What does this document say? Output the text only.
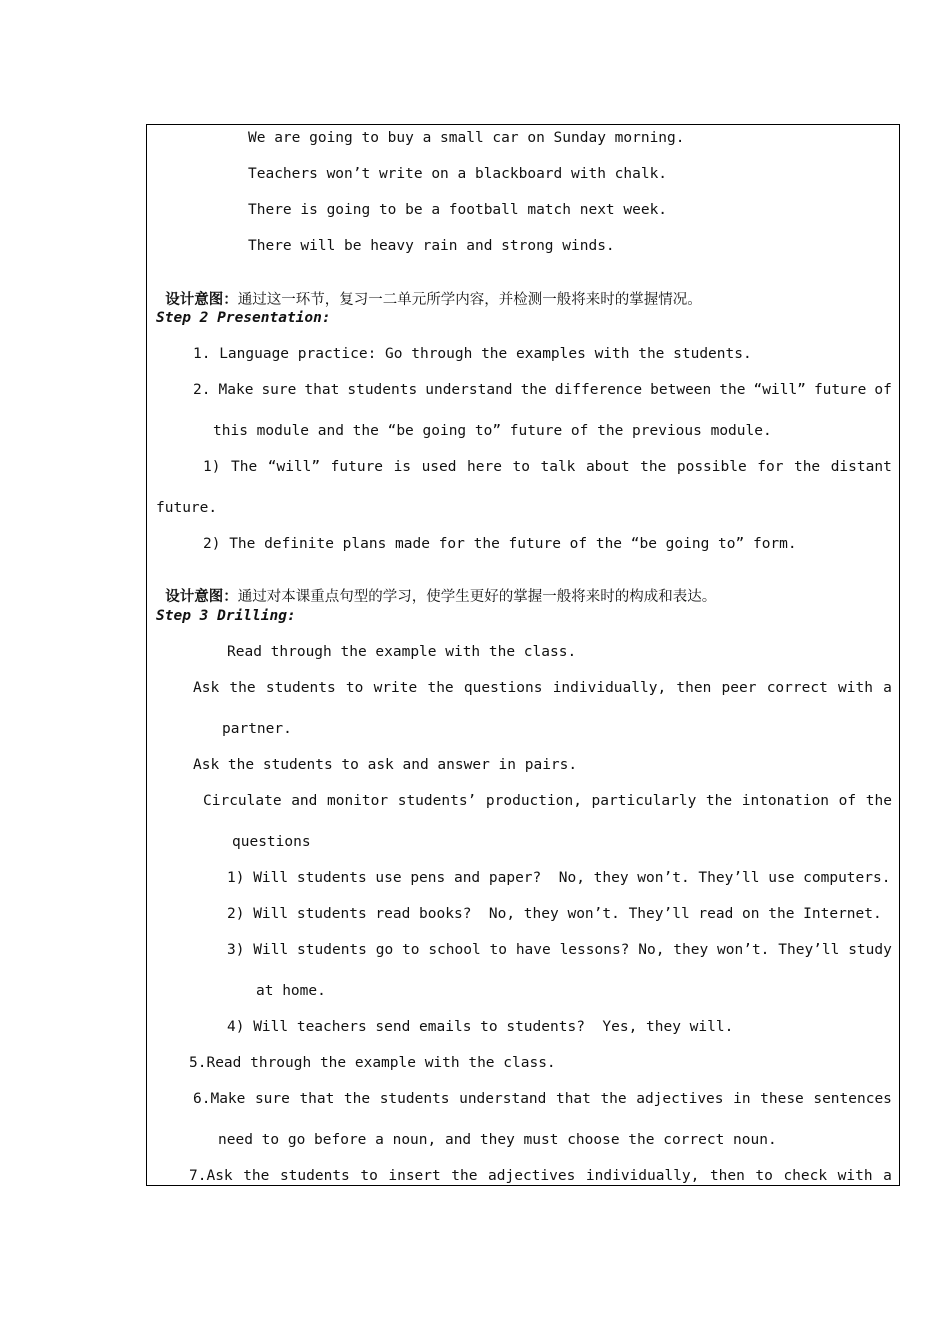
We are going to buy a small car on Sunday morning.
Teachers won’t write on a blackboard with chalk.
There is going to be a football match next week.
There will be heavy rain and strong winds.

设计意图：通过这一环节，复习一二单元所学内容，并检测一般将来时的掌握情况。

Step 2 Presentation:
1. Language practice: Go through the examples with the students.
2. Make sure that students understand the difference between the “will” future of
this module and the “be going to” future of the previous module.
1) The “will” future is used here to talk about the possible for the distant
future.
2) The definite plans made for the future of the “be going to” form.

设计意图：通过对本课重点句型的学习，使学生更好的掌握一般将来时的构成和表达。

Step 3 Drilling:
Read through the example with the class.
Ask the students to write the questions individually, then peer correct with a
partner.
Ask the students to ask and answer in pairs.
Circulate and monitor students’ production, particularly the intonation of the
questions
1) Will students use pens and paper?  No, they won’t. They’ll use computers.
2) Will students read books?  No, they won’t. They’ll read on the Internet.
3) Will students go to school to have lessons? No, they won’t. They’ll study
at home.
4) Will teachers send emails to students?  Yes, they will.
5.Read through the example with the class.
6.Make sure that the students understand that the adjectives in these sentences
need to go before a noun, and they must choose the correct noun.
7.Ask the students to insert the adjectives individually, then to check with a
